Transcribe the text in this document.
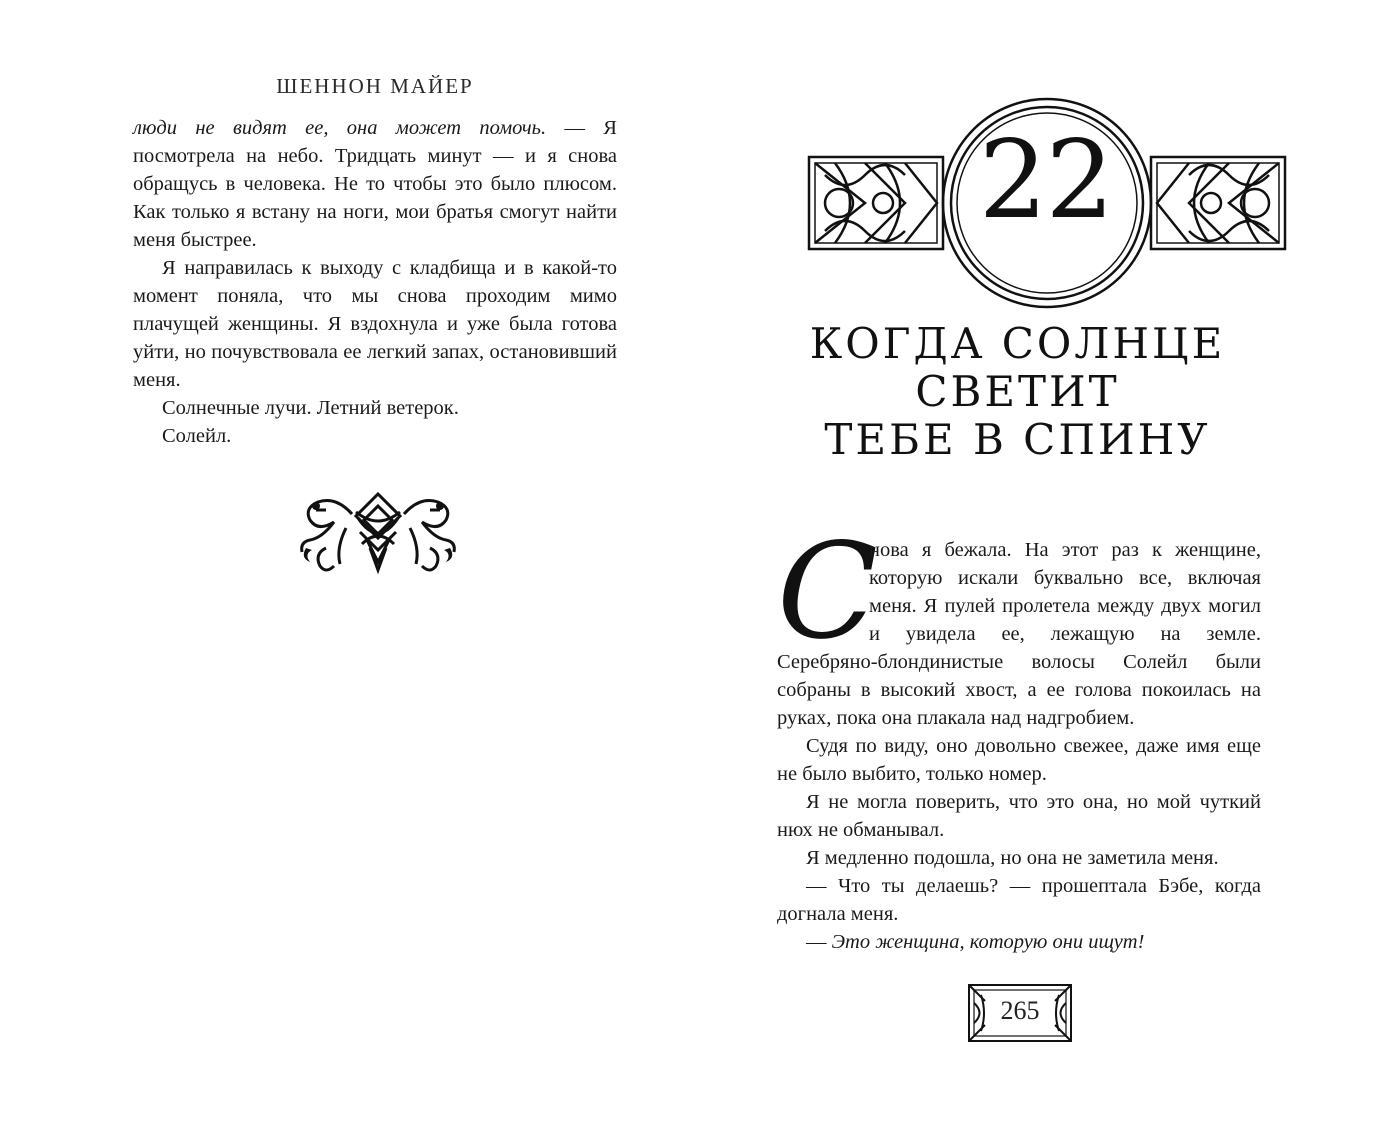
ШЕННОН МАЙЕР

люди не видят ее, она может помочь. — Я посмотрела на небо. Тридцать минут — и я снова обращусь в человека. Не то чтобы это было плюсом. Как только я встану на ноги, мои братья смогут найти меня быстрее.

Я направилась к выходу с кладбища и в какой-то момент поняла, что мы снова проходим мимо плачущей женщины. Я вздохнула и уже была готова уйти, но почувствовала ее легкий запах, остановивший меня.

Солнечные лучи. Летний ветерок.

Солейл.

22
КОГДА СОЛНЦЕ
СВЕТИТ
ТЕБЕ В СПИНУ

С
нова я бежала. На этот раз к женщине, которую искали буквально все, включая меня. Я пулей пролетела между двух могил и увидела ее, лежащую на земле. Серебряно-блондинистые волосы Солейл были собраны в высокий хвост, а ее голова покоилась на руках, пока она плакала над надгробием.

Судя по виду, оно довольно свежее, даже имя еще не было выбито, только номер.

Я не могла поверить, что это она, но мой чуткий нюх не обманывал.

Я медленно подошла, но она не заметила меня.

— Что ты делаешь? — прошептала Бэбе, когда догнала меня.

— Это женщина, которую они ищут!

265
